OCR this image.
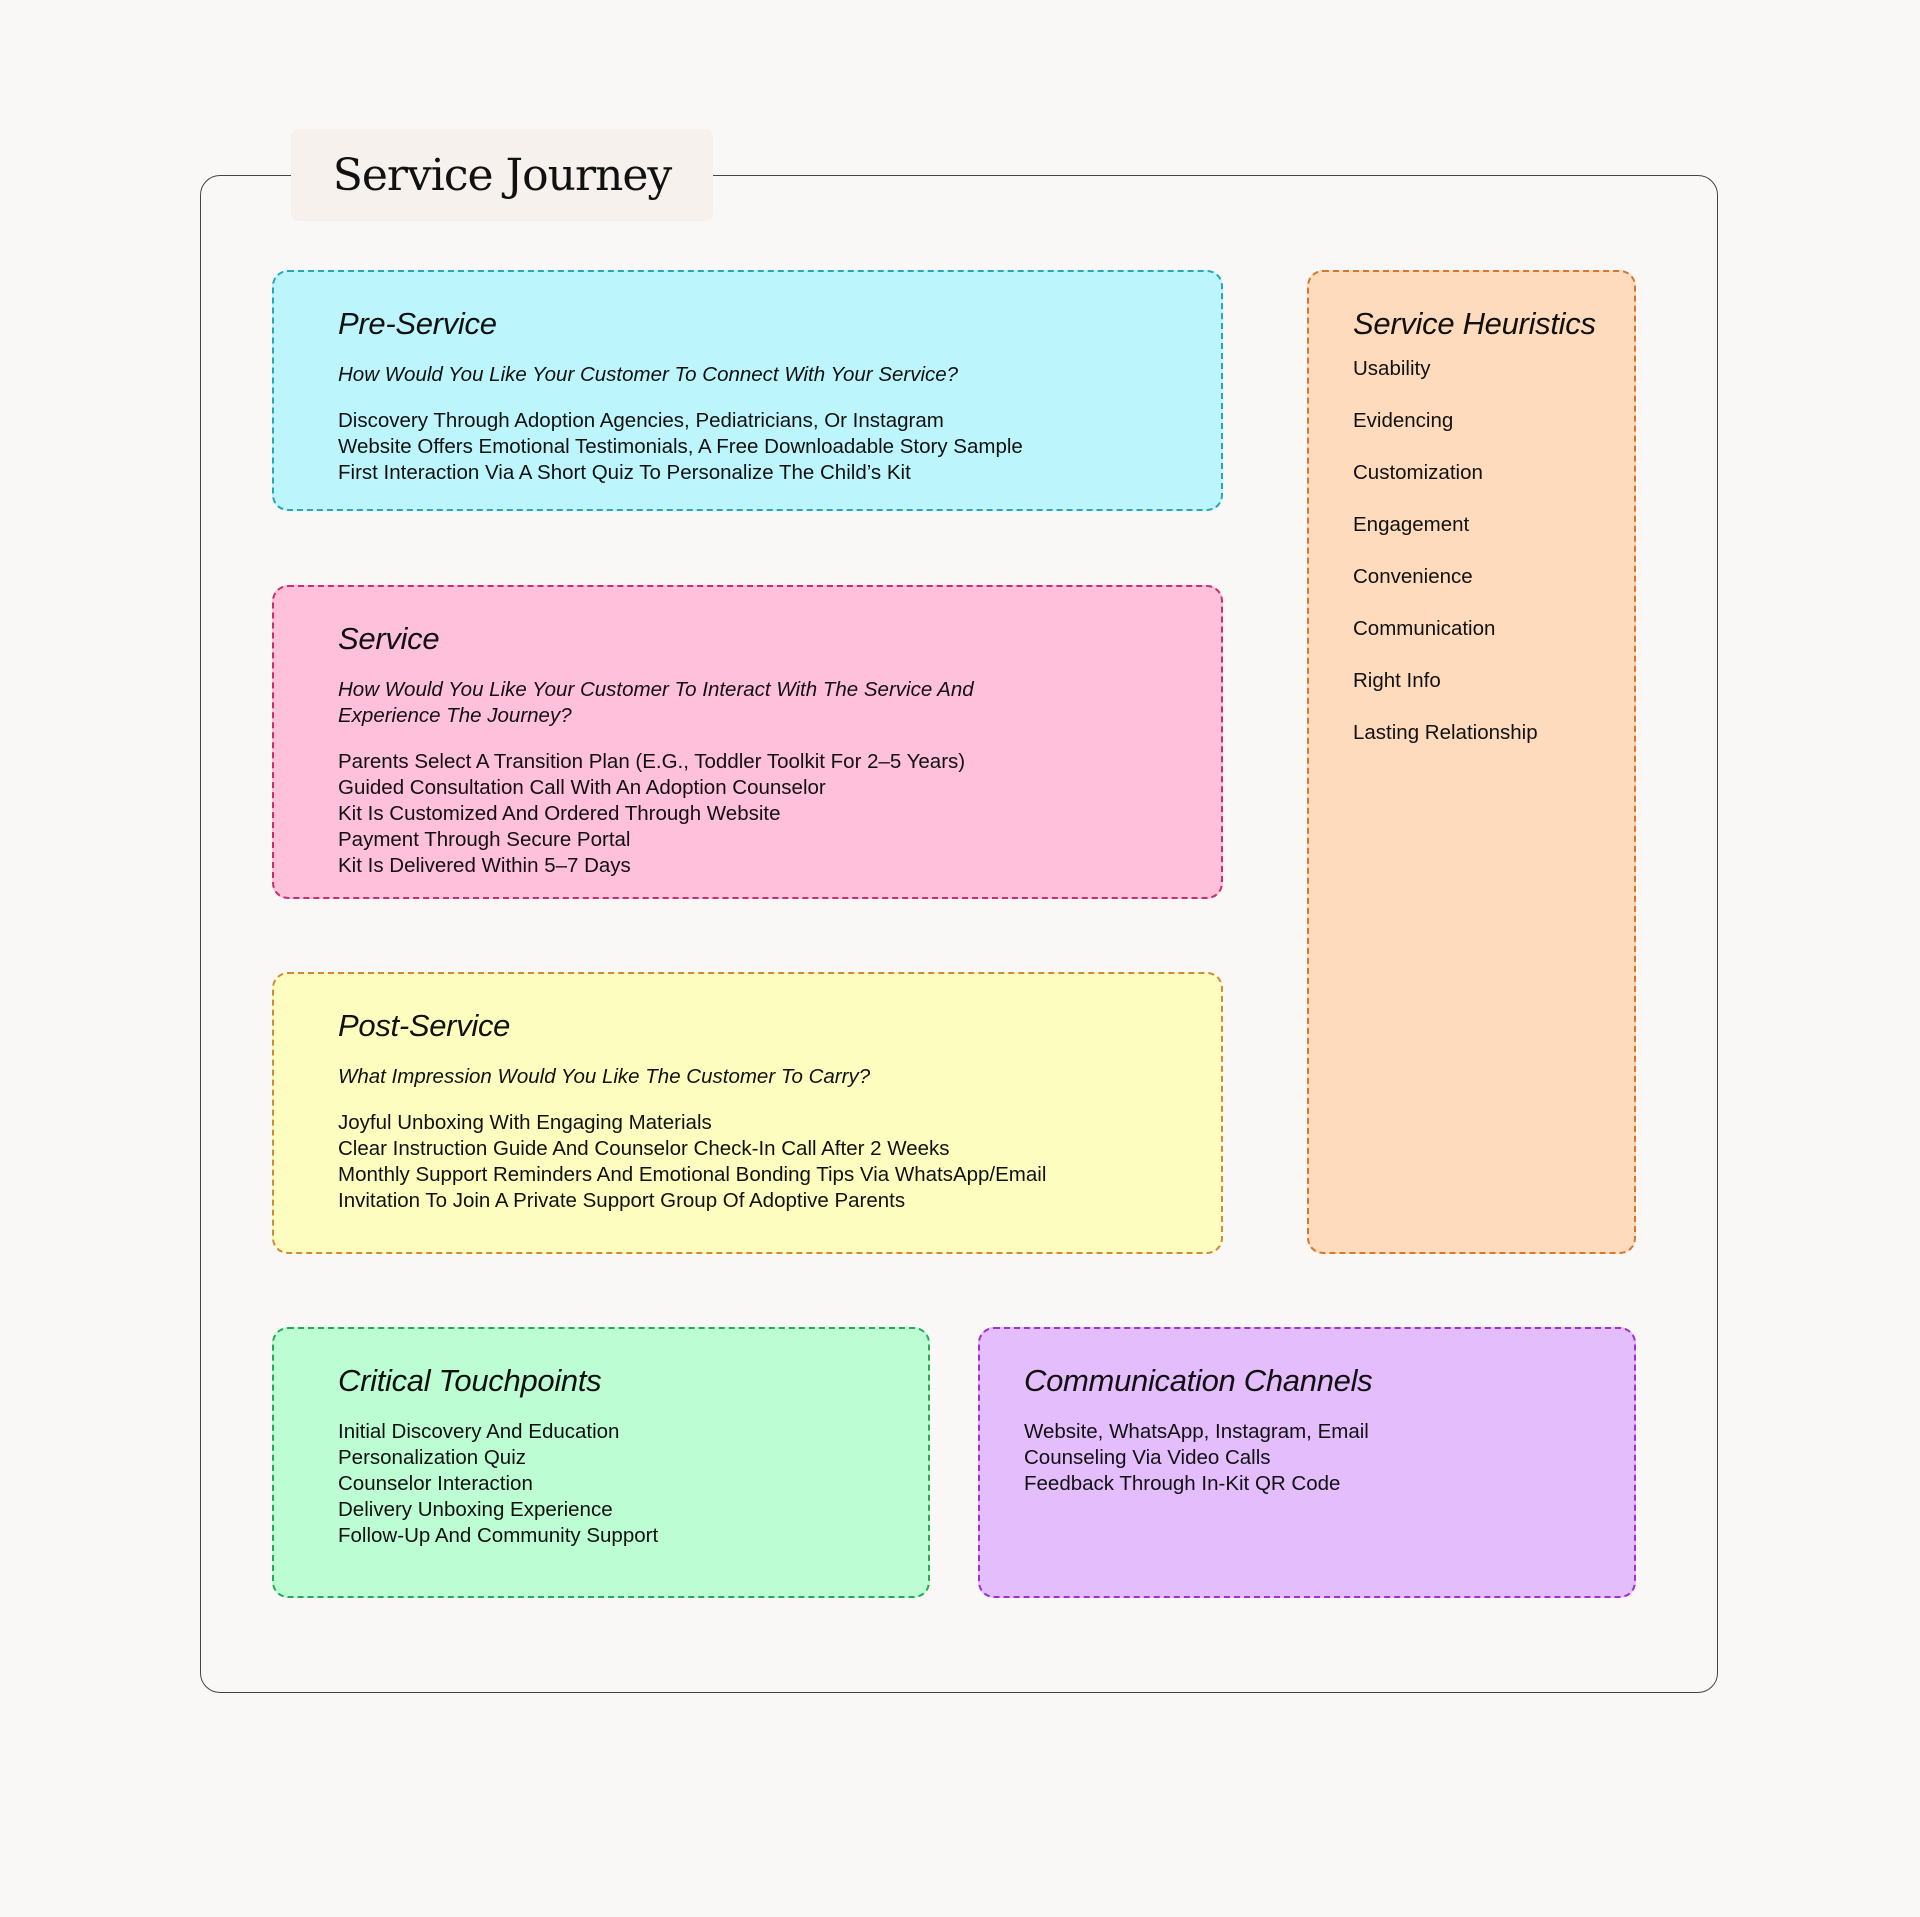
Service Journey
Pre-Service

How Would You Like Your Customer To Connect With Your Service?

Discovery Through Adoption Agencies, Pediatricians, Or Instagram
Website Offers Emotional Testimonials, A Free Downloadable Story Sample
First Interaction Via A Short Quiz To Personalize The Child’s Kit
Service

How Would You Like Your Customer To Interact With The Service And
Experience The Journey?

Parents Select A Transition Plan (E.G., Toddler Toolkit For 2–5 Years)
Guided Consultation Call With An Adoption Counselor
Kit Is Customized And Ordered Through Website
Payment Through Secure Portal
Kit Is Delivered Within 5–7 Days
Post-Service

What Impression Would You Like The Customer To Carry?

Joyful Unboxing With Engaging Materials
Clear Instruction Guide And Counselor Check-In Call After 2 Weeks
Monthly Support Reminders And Emotional Bonding Tips Via WhatsApp/Email
Invitation To Join A Private Support Group Of Adoptive Parents
Service Heuristics
Usability
Evidencing
Customization
Engagement
Convenience
Communication
Right Info
Lasting Relationship
Critical Touchpoints
Initial Discovery And Education
Personalization Quiz
Counselor Interaction
Delivery Unboxing Experience
Follow-Up And Community Support
Communication Channels
Website, WhatsApp, Instagram, Email
Counseling Via Video Calls
Feedback Through In-Kit QR Code
